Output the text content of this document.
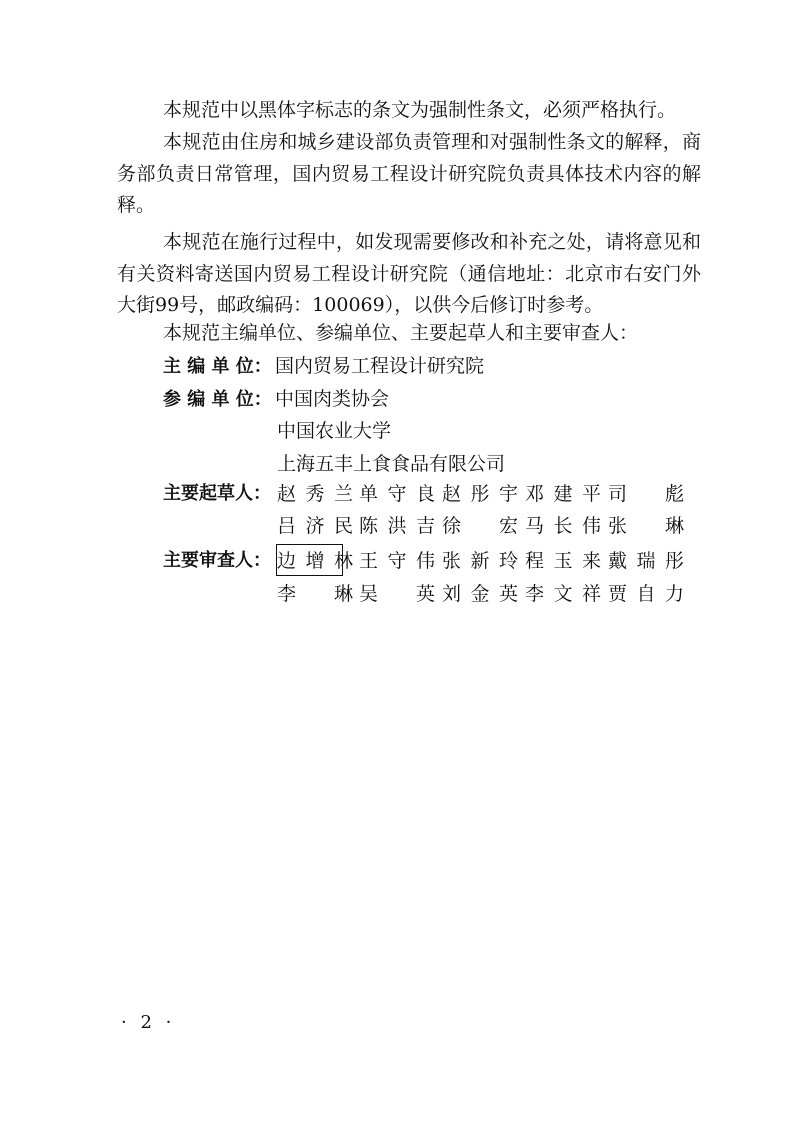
本规范中以黑体字标志的条文为强制性条文，必须严格执行。

本规范由住房和城乡建设部负责管理和对强制性条文的解释，商务部负责日常管理，国内贸易工程设计研究院负责具体技术内容的解释。

本规范在施行过程中，如发现需要修改和补充之处，请将意见和有关资料寄送国内贸易工程设计研究院（通信地址：北京市右安门外大街99号，邮政编码：100069），以供今后修订时参考。

本规范主编单位、参编单位、主要起草人和主要审查人：

主 编 单 位： 国内贸易工程设计研究院
参 编 单 位： 中国肉类协会
中国农业大学
上海五丰上食食品有限公司
主要起草人： 赵秀兰 单守良 赵彤宇 邓建平 司 彪
吕济民 陈洪吉 徐 宏 马长伟 张 琳
主要审查人： 边增林 王守伟 张新玲 程玉来 戴瑞彤
李 琳 吴 英 刘金英 李文祥 贾自力
· 2 ·
